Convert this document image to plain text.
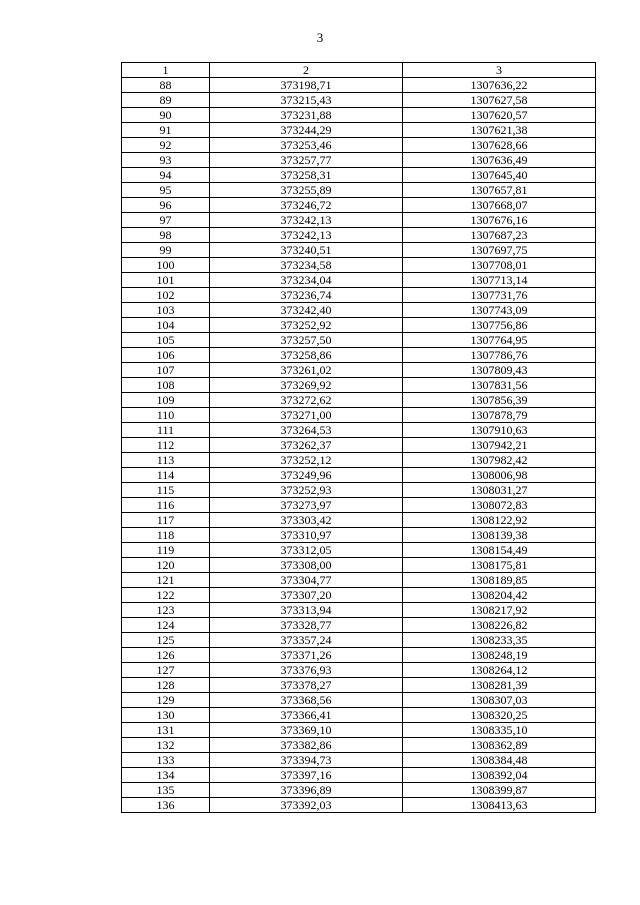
3
1	2	3
88	373198,71	1307636,22
89	373215,43	1307627,58
90	373231,88	1307620,57
91	373244,29	1307621,38
92	373253,46	1307628,66
93	373257,77	1307636,49
94	373258,31	1307645,40
95	373255,89	1307657,81
96	373246,72	1307668,07
97	373242,13	1307676,16
98	373242,13	1307687,23
99	373240,51	1307697,75
100	373234,58	1307708,01
101	373234,04	1307713,14
102	373236,74	1307731,76
103	373242,40	1307743,09
104	373252,92	1307756,86
105	373257,50	1307764,95
106	373258,86	1307786,76
107	373261,02	1307809,43
108	373269,92	1307831,56
109	373272,62	1307856,39
110	373271,00	1307878,79
111	373264,53	1307910,63
112	373262,37	1307942,21
113	373252,12	1307982,42
114	373249,96	1308006,98
115	373252,93	1308031,27
116	373273,97	1308072,83
117	373303,42	1308122,92
118	373310,97	1308139,38
119	373312,05	1308154,49
120	373308,00	1308175,81
121	373304,77	1308189,85
122	373307,20	1308204,42
123	373313,94	1308217,92
124	373328,77	1308226,82
125	373357,24	1308233,35
126	373371,26	1308248,19
127	373376,93	1308264,12
128	373378,27	1308281,39
129	373368,56	1308307,03
130	373366,41	1308320,25
131	373369,10	1308335,10
132	373382,86	1308362,89
133	373394,73	1308384,48
134	373397,16	1308392,04
135	373396,89	1308399,87
136	373392,03	1308413,63
